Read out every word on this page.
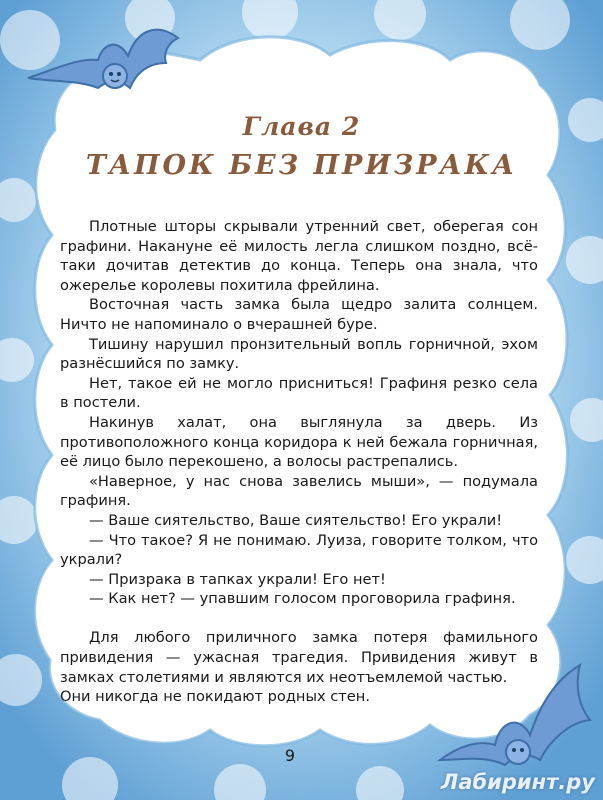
Глава 2
ТАПОК БЕЗ ПРИЗРАКА

Плотные шторы скрывали утренний свет, оберегая сон графини. Накануне её милость легла слишком поздно, всё-таки дочитав детектив до конца. Теперь она знала, что ожерелье королевы похитила фрейлина.

Восточная часть замка была щедро залита солнцем. Ничто не напоминало о вчерашней буре.

Тишину нарушил пронзительный вопль горничной, эхом разнёсшийся по замку.

Нет, такое ей не могло присниться! Графиня резко села в постели.

Накинув халат, она выглянула за дверь. Из противоположного конца коридора к ней бежала горничная, её лицо было перекошено, а волосы растрепались.

«Наверное, у нас снова завелись мыши», — подумала графиня.

— Ваше сиятельство, Ваше сиятельство! Его украли!

— Что такое? Я не понимаю. Луиза, говорите толком, что украли?

— Призрака в тапках украли! Его нет!

— Как нет? — упавшим голосом проговорила графиня.

Для любого приличного замка потеря фамильного привидения — ужасная трагедия. Привидения живут в замках столетиями и являются их неотъемлемой частью.

Они никогда не покидают родных стен.

9
Лабиринт.ру
